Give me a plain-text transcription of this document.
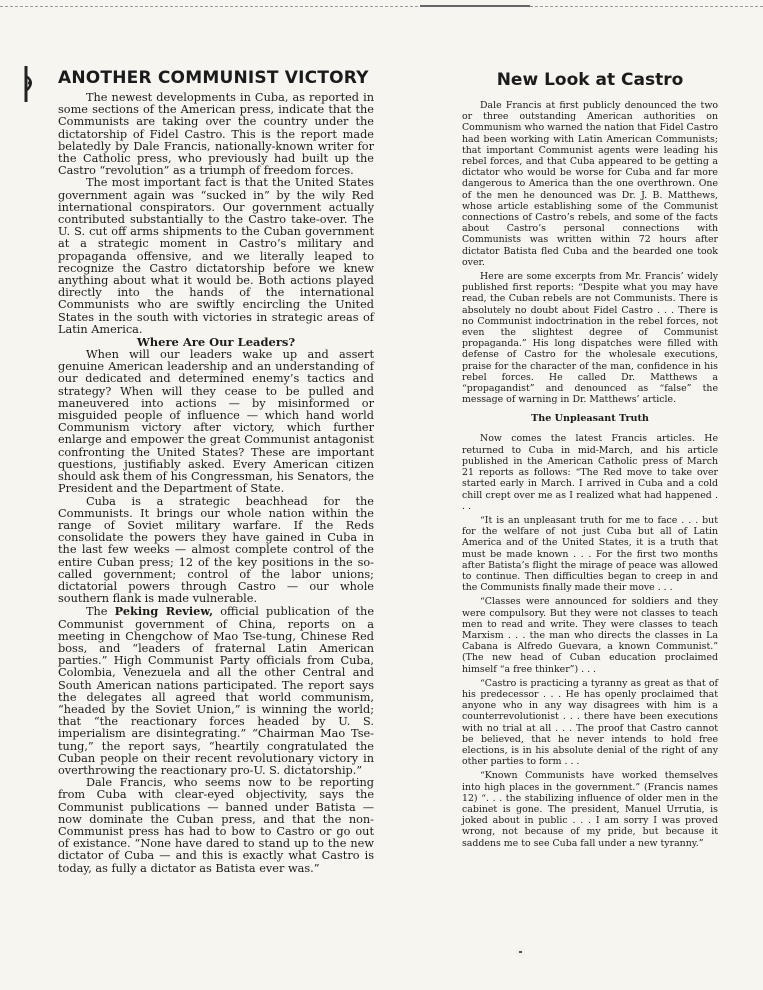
ANOTHER COMMUNIST VICTORY

The newest developments in Cuba, as reported in some sections of the American press, indicate that the Communists are taking over the country under the dictatorship of Fidel Castro. This is the report made belatedly by Dale Francis, nationally-known writer for the Catholic press, who previously had built up the Castro “revolution” as a triumph of freedom forces.

The most important fact is that the United States government again was “sucked in” by the wily Red international conspirators. Our government actually contributed substantially to the Castro take-over. The U. S. cut off arms shipments to the Cuban government at a strategic moment in Castro’s military and propaganda offensive, and we literally leaped to recognize the Castro dictatorship before we knew anything about what it would be. Both actions played directly into the hands of the international Communists who are swiftly encircling the United States in the south with victories in strategic areas of Latin America.

Where Are Our Leaders?

When will our leaders wake up and assert genuine American leadership and an understanding of our dedicated and determined enemy’s tactics and strategy? When will they cease to be pulled and maneuvered into actions — by misinformed or misguided people of influence — which hand world Communism victory after victory, which further enlarge and empower the great Communist antagonist confronting the United States? These are important questions, justifiably asked. Every American citizen should ask them of his Congressman, his Senators, the President and the Department of State.

Cuba is a strategic beachhead for the Communists. It brings our whole nation within the range of Soviet military warfare. If the Reds consolidate the powers they have gained in Cuba in the last few weeks — almost complete control of the entire Cuban press; 12 of the key positions in the so-called government; control of the labor unions; dictatorial powers through Castro — our whole southern flank is made vulnerable.

The Peking Review, official publication of the Communist government of China, reports on a meeting in Chengchow of Mao Tse-tung, Chinese Red boss, and “leaders of fraternal Latin American parties.” High Communist Party officials from Cuba, Colombia, Venezuela and all the other Central and South American nations participated. The report says the delegates all agreed that world communism, “headed by the Soviet Union,” is winning the world; that “the reactionary forces headed by U. S. imperialism are disintegrating.” “Chairman Mao Tse-tung,” the report says, “heartily congratulated the Cuban people on their recent revolutionary victory in overthrowing the reactionary pro-U. S. dictatorship.”

Dale Francis, who seems now to be reporting from Cuba with clear-eyed objectivity, says the Communist publications — banned under Batista — now dominate the Cuban press, and that the non-Communist press has had to bow to Castro or go out of existance. “None have dared to stand up to the new dictator of Cuba — and this is exactly what Castro is today, as fully a dictator as Batista ever was.”

New Look at Castro

Dale Francis at first publicly denounced the two or three outstanding American authorities on Communism who warned the nation that Fidel Castro had been working with Latin American Communists; that important Communist agents were leading his rebel forces, and that Cuba appeared to be getting a dictator who would be worse for Cuba and far more dangerous to America than the one overthrown. One of the men he denounced was Dr. J. B. Matthews, whose article establishing some of the Communist connections of Castro’s rebels, and some of the facts about Castro’s personal connections with Communists was written within 72 hours after dictator Batista fled Cuba and the bearded one took over.

Here are some excerpts from Mr. Francis’ widely published first reports: “Despite what you may have read, the Cuban rebels are not Communists. There is absolutely no doubt about Fidel Castro . . . There is no Communist indoctrination in the rebel forces, not even the slightest degree of Communist propaganda.” His long dispatches were filled with defense of Castro for the wholesale executions, praise for the character of the man, confidence in his rebel forces. He called Dr. Matthews a “propagandist” and denounced as “false” the message of warning in Dr. Matthews’ article.

The Unpleasant Truth

Now comes the latest Francis articles. He returned to Cuba in mid-March, and his article published in the American Catholic press of March 21 reports as follows: “The Red move to take over started early in March. I arrived in Cuba and a cold chill crept over me as I realized what had happened . . .

“It is an unpleasant truth for me to face . . . but for the welfare of not just Cuba but all of Latin America and of the United States, it is a truth that must be made known . . . For the first two months after Batista’s flight the mirage of peace was allowed to continue. Then difficulties began to creep in and the Communists finally made their move . . .

“Classes were announced for soldiers and they were compulsory. But they were not classes to teach men to read and write. They were classes to teach Marxism . . . the man who directs the classes in La Cabana is Alfredo Guevara, a known Communist.” (The new head of Cuban education proclaimed himself “a free thinker”) . . .

“Castro is practicing a tyranny as great as that of his predecessor . . . He has openly proclaimed that anyone who in any way disagrees with him is a counterrevolutionist . . . there have been executions with no trial at all . . . The proof that Castro cannot be believed, that he never intends to hold free elections, is in his absolute denial of the right of any other parties to form . . .

“Known Communists have worked themselves into high places in the government.” (Francis names 12) “. . . the stabilizing influence of older men in the cabinet is gone. The president, Manuel Urrutia, is joked about in public . . . I am sorry I was proved wrong, not because of my pride, but because it saddens me to see Cuba fall under a new tyranny.”
